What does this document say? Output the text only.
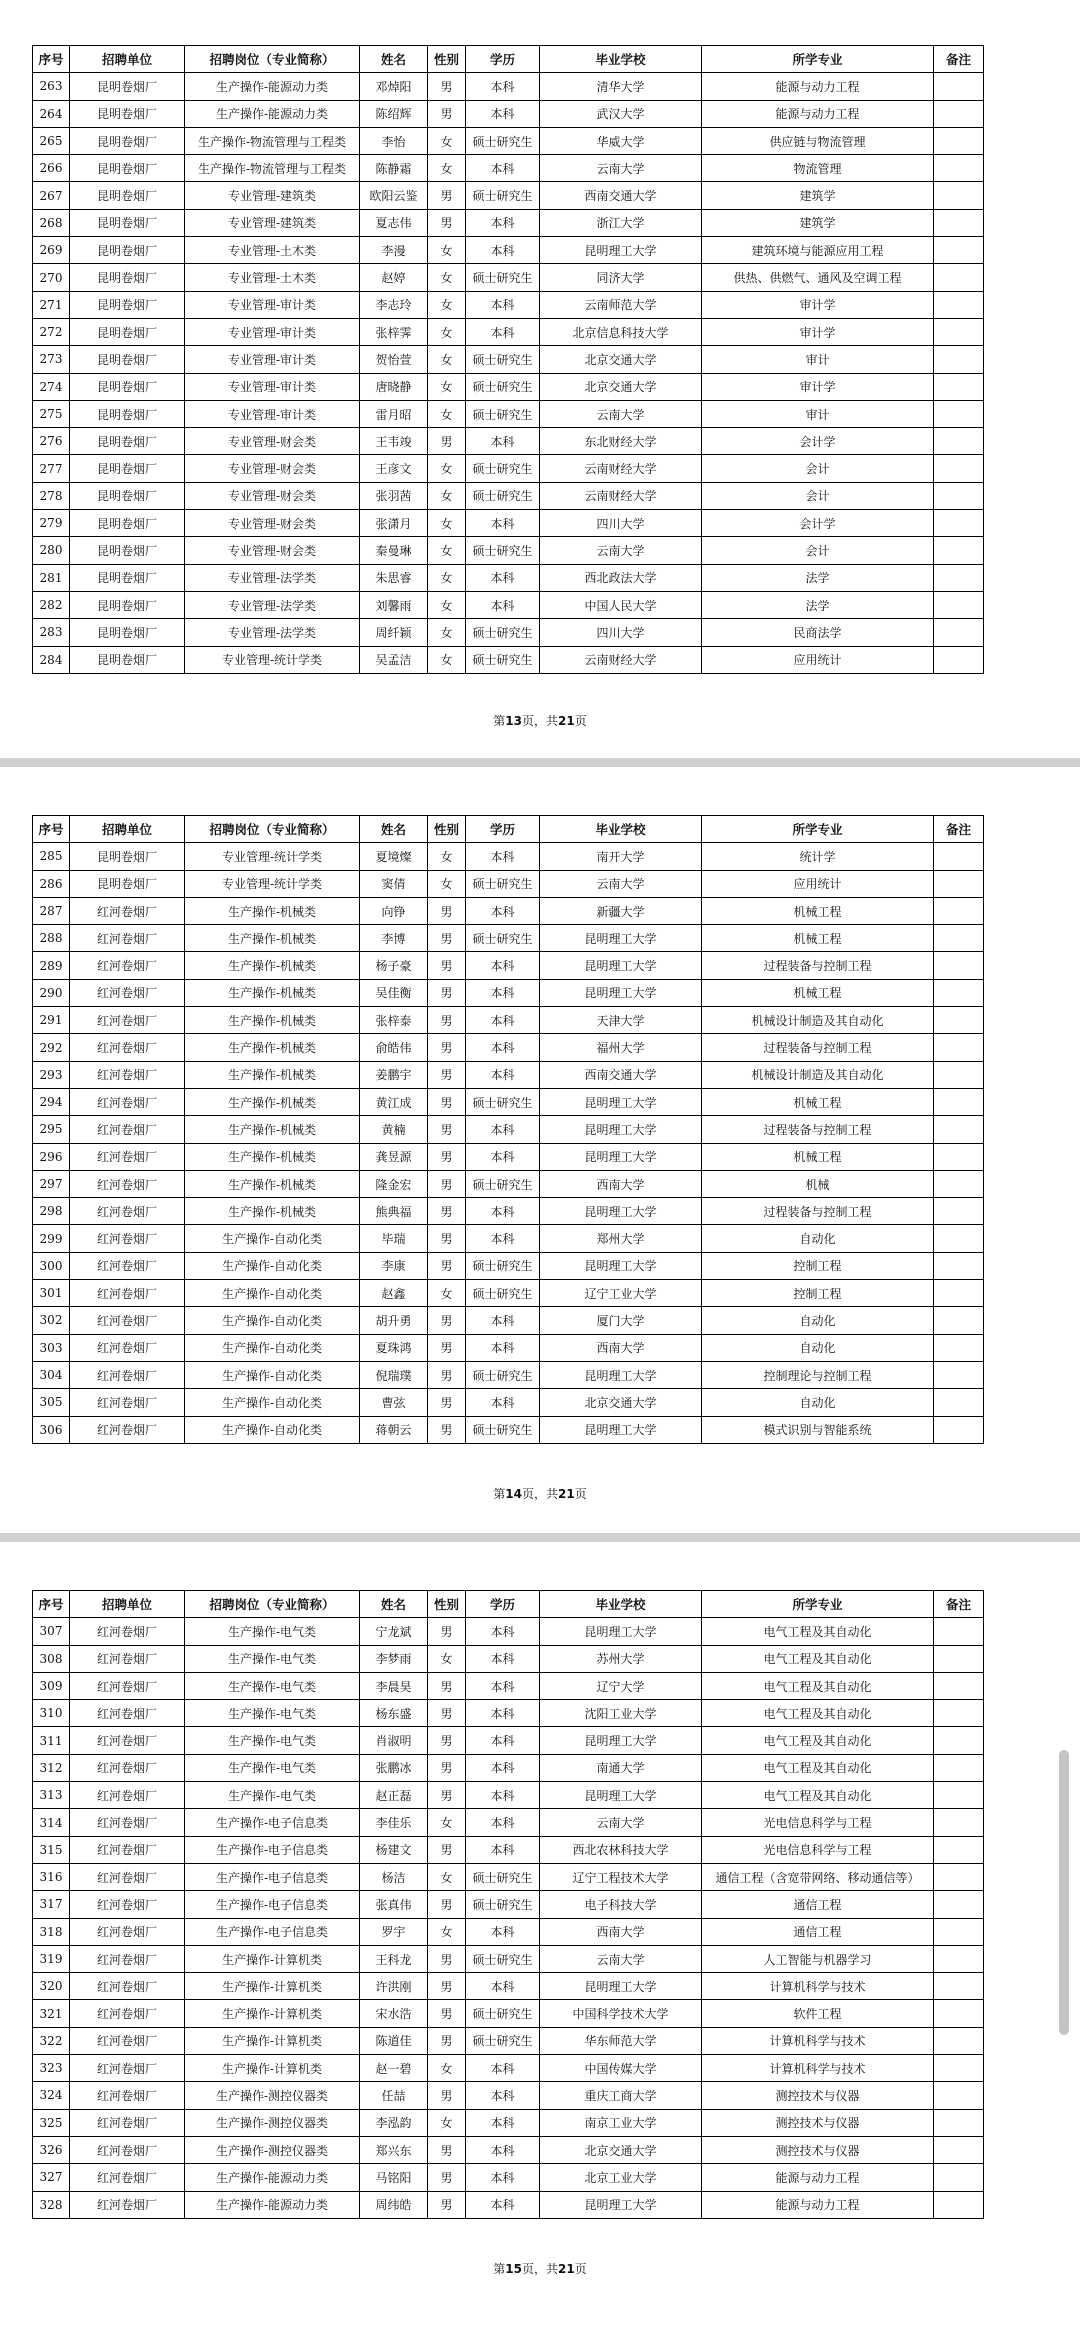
序号	招聘单位	招聘岗位（专业简称）	姓名	性别	学历	毕业学校	所学专业	备注
263	昆明卷烟厂	生产操作-能源动力类	邓焯阳	男	本科	清华大学	能源与动力工程	
264	昆明卷烟厂	生产操作-能源动力类	陈绍辉	男	本科	武汉大学	能源与动力工程	
265	昆明卷烟厂	生产操作-物流管理与工程类	李怡	女	硕士研究生	华威大学	供应链与物流管理	
266	昆明卷烟厂	生产操作-物流管理与工程类	陈静霜	女	本科	云南大学	物流管理	
267	昆明卷烟厂	专业管理-建筑类	欧阳云鉴	男	硕士研究生	西南交通大学	建筑学	
268	昆明卷烟厂	专业管理-建筑类	夏志伟	男	本科	浙江大学	建筑学	
269	昆明卷烟厂	专业管理-土木类	李漫	女	本科	昆明理工大学	建筑环境与能源应用工程	
270	昆明卷烟厂	专业管理-土木类	赵婷	女	硕士研究生	同济大学	供热、供燃气、通风及空调工程	
271	昆明卷烟厂	专业管理-审计类	李志玲	女	本科	云南师范大学	审计学	
272	昆明卷烟厂	专业管理-审计类	张梓霁	女	本科	北京信息科技大学	审计学	
273	昆明卷烟厂	专业管理-审计类	贺怡萱	女	硕士研究生	北京交通大学	审计	
274	昆明卷烟厂	专业管理-审计类	唐晓静	女	硕士研究生	北京交通大学	审计学	
275	昆明卷烟厂	专业管理-审计类	雷月昭	女	硕士研究生	云南大学	审计	
276	昆明卷烟厂	专业管理-财会类	王韦竣	男	本科	东北财经大学	会计学	
277	昆明卷烟厂	专业管理-财会类	王彦文	女	硕士研究生	云南财经大学	会计	
278	昆明卷烟厂	专业管理-财会类	张羽茜	女	硕士研究生	云南财经大学	会计	
279	昆明卷烟厂	专业管理-财会类	张潇月	女	本科	四川大学	会计学	
280	昆明卷烟厂	专业管理-财会类	秦曼琳	女	硕士研究生	云南大学	会计	
281	昆明卷烟厂	专业管理-法学类	朱思睿	女	本科	西北政法大学	法学	
282	昆明卷烟厂	专业管理-法学类	刘馨雨	女	本科	中国人民大学	法学	
283	昆明卷烟厂	专业管理-法学类	周纤颖	女	硕士研究生	四川大学	民商法学	
284	昆明卷烟厂	专业管理-统计学类	吴孟洁	女	硕士研究生	云南财经大学	应用统计	
第13页，共21页
序号	招聘单位	招聘岗位（专业简称）	姓名	性别	学历	毕业学校	所学专业	备注
285	昆明卷烟厂	专业管理-统计学类	夏境燦	女	本科	南开大学	统计学	
286	昆明卷烟厂	专业管理-统计学类	窦倩	女	硕士研究生	云南大学	应用统计	
287	红河卷烟厂	生产操作-机械类	向铮	男	本科	新疆大学	机械工程	
288	红河卷烟厂	生产操作-机械类	李博	男	硕士研究生	昆明理工大学	机械工程	
289	红河卷烟厂	生产操作-机械类	杨子豪	男	本科	昆明理工大学	过程装备与控制工程	
290	红河卷烟厂	生产操作-机械类	吴佳衡	男	本科	昆明理工大学	机械工程	
291	红河卷烟厂	生产操作-机械类	张梓泰	男	本科	天津大学	机械设计制造及其自动化	
292	红河卷烟厂	生产操作-机械类	俞皓伟	男	本科	福州大学	过程装备与控制工程	
293	红河卷烟厂	生产操作-机械类	姜鹏宇	男	本科	西南交通大学	机械设计制造及其自动化	
294	红河卷烟厂	生产操作-机械类	黄江成	男	硕士研究生	昆明理工大学	机械工程	
295	红河卷烟厂	生产操作-机械类	黄楠	男	本科	昆明理工大学	过程装备与控制工程	
296	红河卷烟厂	生产操作-机械类	龚昱源	男	本科	昆明理工大学	机械工程	
297	红河卷烟厂	生产操作-机械类	隆金宏	男	硕士研究生	西南大学	机械	
298	红河卷烟厂	生产操作-机械类	熊典福	男	本科	昆明理工大学	过程装备与控制工程	
299	红河卷烟厂	生产操作-自动化类	毕瑞	男	本科	郑州大学	自动化	
300	红河卷烟厂	生产操作-自动化类	李康	男	硕士研究生	昆明理工大学	控制工程	
301	红河卷烟厂	生产操作-自动化类	赵鑫	女	硕士研究生	辽宁工业大学	控制工程	
302	红河卷烟厂	生产操作-自动化类	胡升勇	男	本科	厦门大学	自动化	
303	红河卷烟厂	生产操作-自动化类	夏珠鸿	男	本科	西南大学	自动化	
304	红河卷烟厂	生产操作-自动化类	倪瑞璞	男	硕士研究生	昆明理工大学	控制理论与控制工程	
305	红河卷烟厂	生产操作-自动化类	曹弦	男	本科	北京交通大学	自动化	
306	红河卷烟厂	生产操作-自动化类	蒋朝云	男	硕士研究生	昆明理工大学	模式识别与智能系统	
第14页，共21页
序号	招聘单位	招聘岗位（专业简称）	姓名	性别	学历	毕业学校	所学专业	备注
307	红河卷烟厂	生产操作-电气类	宁龙斌	男	本科	昆明理工大学	电气工程及其自动化	
308	红河卷烟厂	生产操作-电气类	李梦雨	女	本科	苏州大学	电气工程及其自动化	
309	红河卷烟厂	生产操作-电气类	李晨昊	男	本科	辽宁大学	电气工程及其自动化	
310	红河卷烟厂	生产操作-电气类	杨东盛	男	本科	沈阳工业大学	电气工程及其自动化	
311	红河卷烟厂	生产操作-电气类	肖淑明	男	本科	昆明理工大学	电气工程及其自动化	
312	红河卷烟厂	生产操作-电气类	张鹏冰	男	本科	南通大学	电气工程及其自动化	
313	红河卷烟厂	生产操作-电气类	赵正磊	男	本科	昆明理工大学	电气工程及其自动化	
314	红河卷烟厂	生产操作-电子信息类	李佳乐	女	本科	云南大学	光电信息科学与工程	
315	红河卷烟厂	生产操作-电子信息类	杨建文	男	本科	西北农林科技大学	光电信息科学与工程	
316	红河卷烟厂	生产操作-电子信息类	杨洁	女	硕士研究生	辽宁工程技术大学	通信工程（含宽带网络、移动通信等）	
317	红河卷烟厂	生产操作-电子信息类	张真伟	男	硕士研究生	电子科技大学	通信工程	
318	红河卷烟厂	生产操作-电子信息类	罗宇	女	本科	西南大学	通信工程	
319	红河卷烟厂	生产操作-计算机类	王科龙	男	硕士研究生	云南大学	人工智能与机器学习	
320	红河卷烟厂	生产操作-计算机类	许洪刚	男	本科	昆明理工大学	计算机科学与技术	
321	红河卷烟厂	生产操作-计算机类	宋水浩	男	硕士研究生	中国科学技术大学	软件工程	
322	红河卷烟厂	生产操作-计算机类	陈道佳	男	硕士研究生	华东师范大学	计算机科学与技术	
323	红河卷烟厂	生产操作-计算机类	赵一碧	女	本科	中国传媒大学	计算机科学与技术	
324	红河卷烟厂	生产操作-测控仪器类	任喆	男	本科	重庆工商大学	测控技术与仪器	
325	红河卷烟厂	生产操作-测控仪器类	李泓韵	女	本科	南京工业大学	测控技术与仪器	
326	红河卷烟厂	生产操作-测控仪器类	郑兴东	男	本科	北京交通大学	测控技术与仪器	
327	红河卷烟厂	生产操作-能源动力类	马铭阳	男	本科	北京工业大学	能源与动力工程	
328	红河卷烟厂	生产操作-能源动力类	周纬皓	男	本科	昆明理工大学	能源与动力工程	
第15页，共21页
